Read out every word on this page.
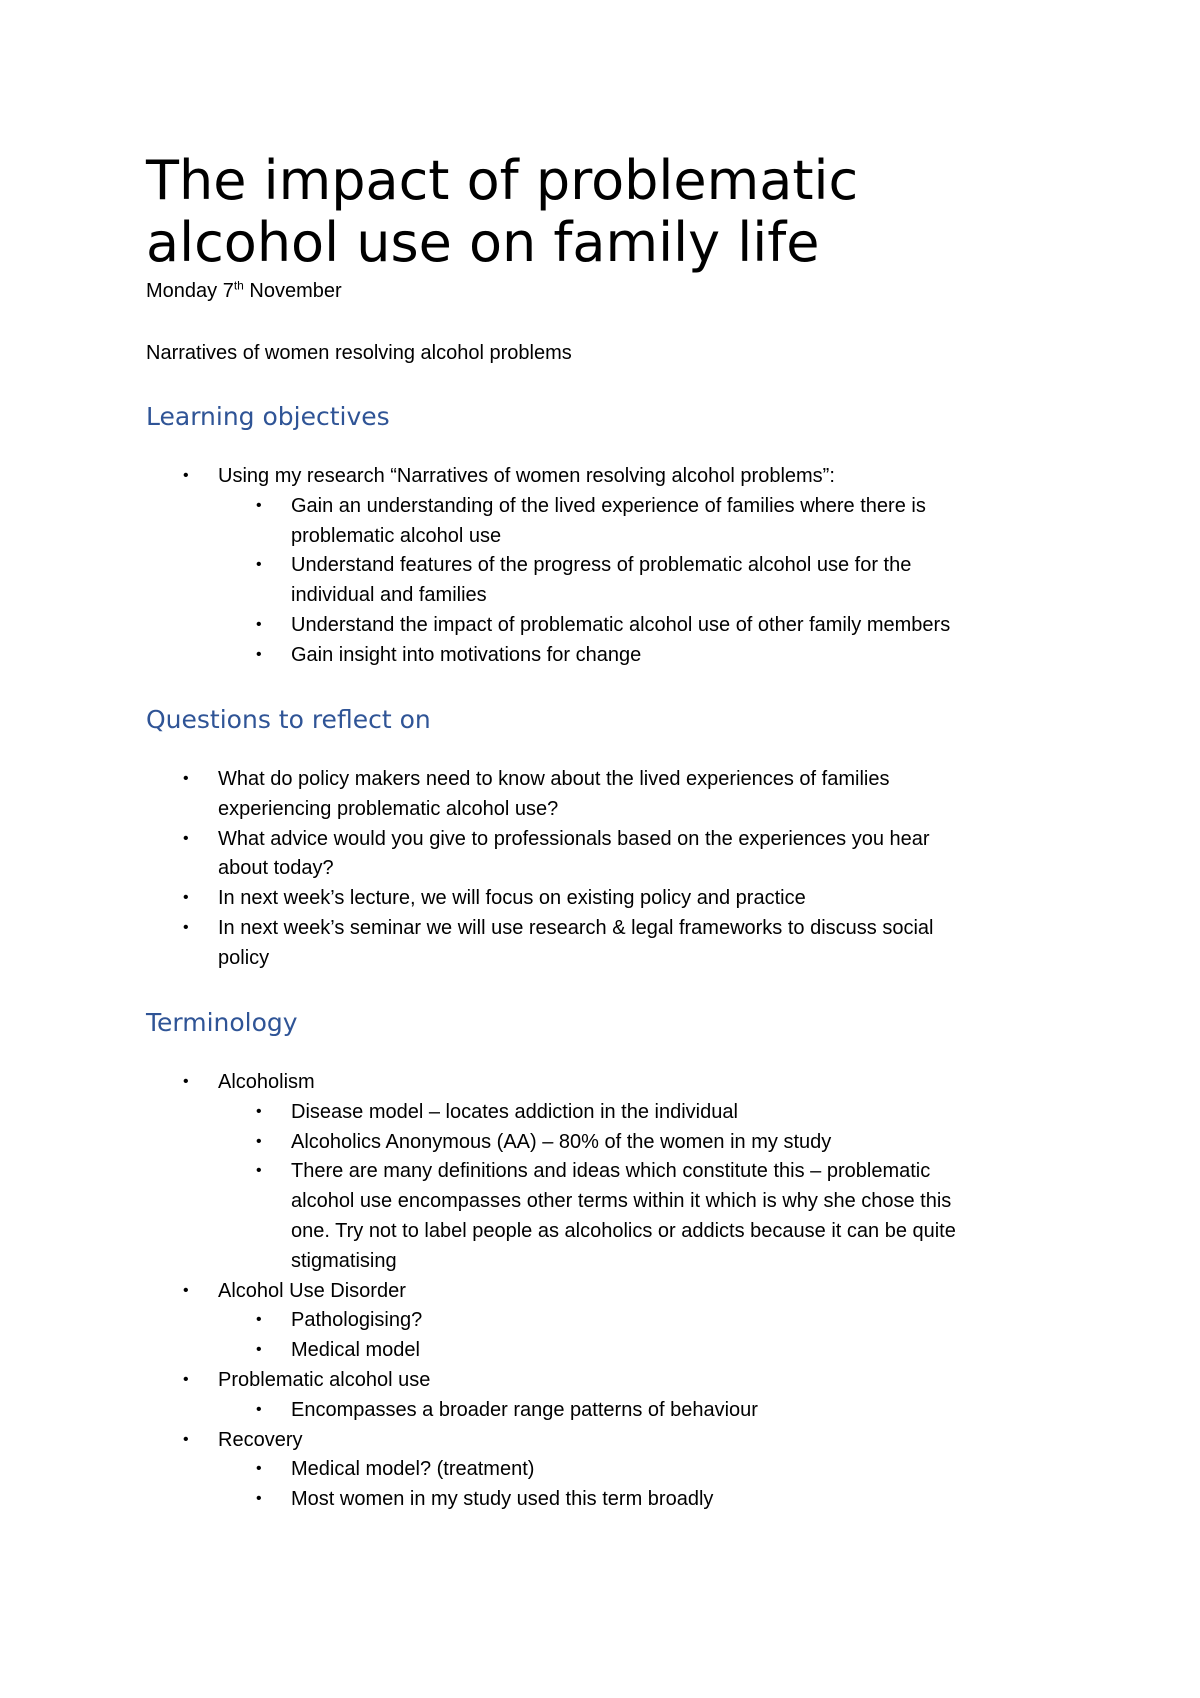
The impact of problematic
alcohol use on family life
Monday 7th November
Narratives of women resolving alcohol problems
Learning objectives
• Using my research “Narratives of women resolving alcohol problems”:
• Gain an understanding of the lived experience of families where there is
problematic alcohol use
• Understand features of the progress of problematic alcohol use for the
individual and families
• Understand the impact of problematic alcohol use of other family members
• Gain insight into motivations for change
Questions to reflect on
• What do policy makers need to know about the lived experiences of families
experiencing problematic alcohol use?
• What advice would you give to professionals based on the experiences you hear
about today?
• In next week’s lecture, we will focus on existing policy and practice
• In next week’s seminar we will use research & legal frameworks to discuss social
policy
Terminology
• Alcoholism
• Disease model – locates addiction in the individual
• Alcoholics Anonymous (AA) – 80% of the women in my study
• There are many definitions and ideas which constitute this – problematic
alcohol use encompasses other terms within it which is why she chose this
one. Try not to label people as alcoholics or addicts because it can be quite
stigmatising
• Alcohol Use Disorder
• Pathologising?
• Medical model
• Problematic alcohol use
• Encompasses a broader range patterns of behaviour
• Recovery
• Medical model? (treatment)
• Most women in my study used this term broadly
